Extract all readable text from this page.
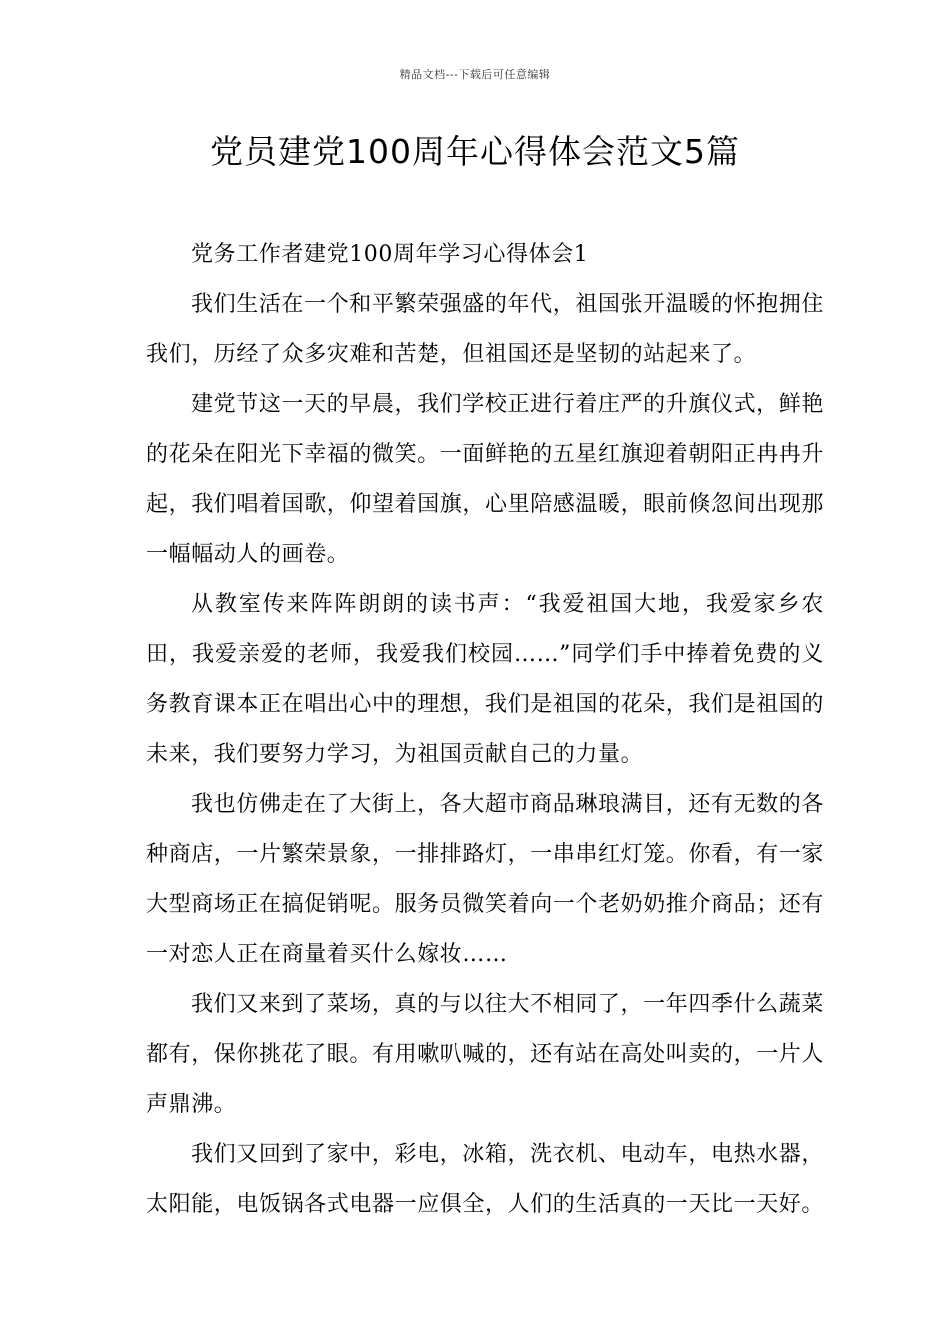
精品文档---下载后可任意编辑
党员建党100周年心得体会范文5篇

党务工作者建党100周年学习心得体会1

我们生活在一个和平繁荣强盛的年代，祖国张开温暖的怀抱拥住我们，历经了众多灾难和苦楚，但祖国还是坚韧的站起来了。

建党节这一天的早晨，我们学校正进行着庄严的升旗仪式，鲜艳的花朵在阳光下幸福的微笑。一面鲜艳的五星红旗迎着朝阳正冉冉升起，我们唱着国歌，仰望着国旗，心里陪感温暖，眼前倏忽间出现那一幅幅动人的画卷。

从教室传来阵阵朗朗的读书声：“我爱祖国大地，我爱家乡农田，我爱亲爱的老师，我爱我们校园……”同学们手中捧着免费的义务教育课本正在唱出心中的理想，我们是祖国的花朵，我们是祖国的未来，我们要努力学习，为祖国贡献自己的力量。

我也仿佛走在了大街上，各大超市商品琳琅满目，还有无数的各种商店，一片繁荣景象，一排排路灯，一串串红灯笼。你看，有一家大型商场正在搞促销呢。服务员微笑着向一个老奶奶推介商品；还有一对恋人正在商量着买什么嫁妆……

我们又来到了菜场，真的与以往大不相同了，一年四季什么蔬菜都有，保你挑花了眼。有用嗽叭喊的，还有站在高处叫卖的，一片人声鼎沸。

我们又回到了家中，彩电，冰箱，洗衣机、电动车，电热水器，太阳能，电饭锅各式电器一应俱全，人们的生活真的一天比一天好。
